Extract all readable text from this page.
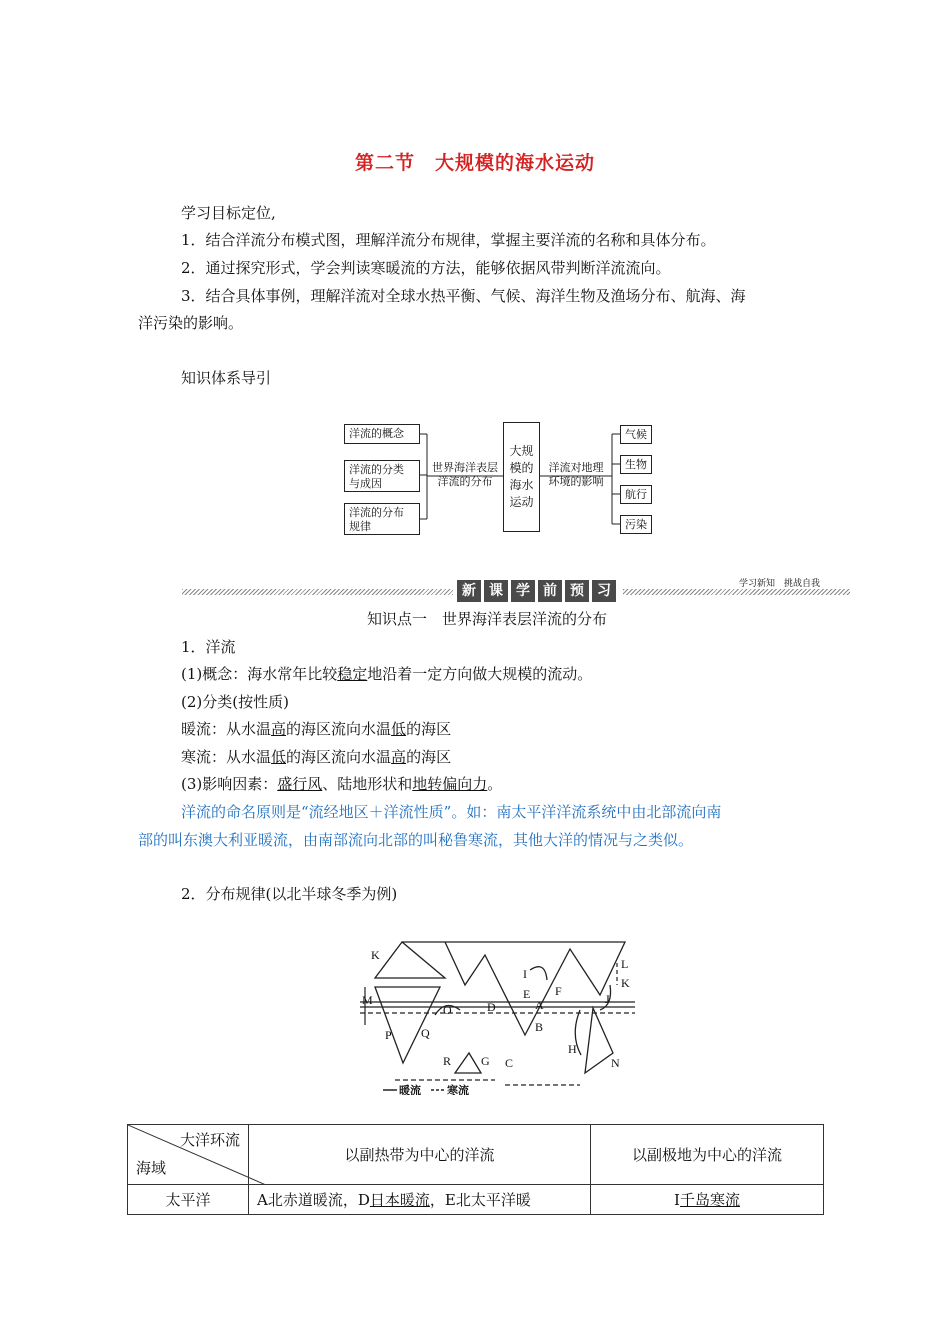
第二节　大规模的海水运动
学习目标定位,
1．结合洋流分布模式图，理解洋流分布规律，掌握主要洋流的名称和具体分布。
2．通过探究形式，学会判读寒暖流的方法，能够依据风带判断洋流流向。
3．结合具体事例，理解洋流对全球水热平衡、气候、海洋生物及渔场分布、航海、海
洋污染的影响。
知识体系导引
洋流的概念
洋流的分类
与成因
洋流的分布
规律
世界海洋表层
洋流的分布
大规
模的
海水
运动
洋流对地理
环境的影响
气候
生物
航行
污染
新 课 学 前 预 习	学习新知　挑战自我
知识点一　世界海洋表层洋流的分布
1．洋流
(1)概念：海水常年比较稳定地沿着一定方向做大规模的流动。
(2)分类(按性质)
暖流：从水温高的海区流向水温低的海区
寒流：从水温低的海区流向水温高的海区
(3)影响因素：盛行风、陆地形状和地转偏向力。
洋流的命名原则是“流经地区＋洋流性质”。如：南太平洋洋流系统中由北部流向南
部的叫东澳大利亚暖流，由南部流向北部的叫秘鲁寒流，其他大洋的情况与之类似。
2．分布规律(以北半球冬季为例)
K
M
O
I
D
E
A
B
F
L
K
J
P Q
R G C
H
N
暖流 寒流
大洋环流
海域	以副热带为中心的洋流	以副极地为中心的洋流
太平洋	A北赤道暖流，D日本暖流，E北太平洋暖	I千岛寒流
